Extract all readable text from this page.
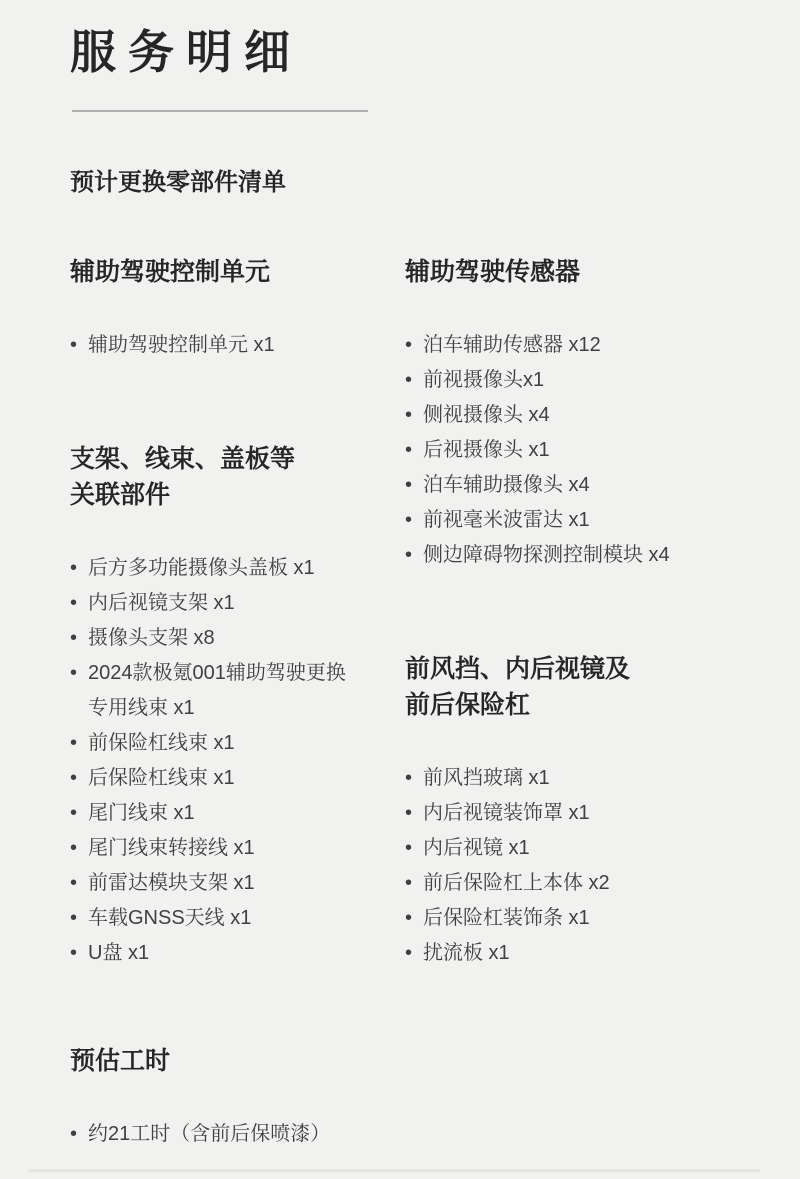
服务明细
预计更换零部件清单
辅助驾驶控制单元
• 辅助驾驶控制单元 x1
支架、线束、盖板等
关联部件
• 后方多功能摄像头盖板 x1
• 内后视镜支架 x1
• 摄像头支架 x8
• 2024款极氪001辅助驾驶更换专用线束 x1
• 前保险杠线束 x1
• 后保险杠线束 x1
• 尾门线束 x1
• 尾门线束转接线 x1
• 前雷达模块支架 x1
• 车载GNSS天线 x1
• U盘 x1
辅助驾驶传感器
• 泊车辅助传感器 x12
• 前视摄像头x1
• 侧视摄像头 x4
• 后视摄像头 x1
• 泊车辅助摄像头 x4
• 前视毫米波雷达 x1
• 侧边障碍物探测控制模块 x4
前风挡、内后视镜及
前后保险杠
• 前风挡玻璃 x1
• 内后视镜装饰罩 x1
• 内后视镜 x1
• 前后保险杠上本体 x2
• 后保险杠装饰条 x1
• 扰流板 x1
预估工时
• 约21工时（含前后保喷漆）
